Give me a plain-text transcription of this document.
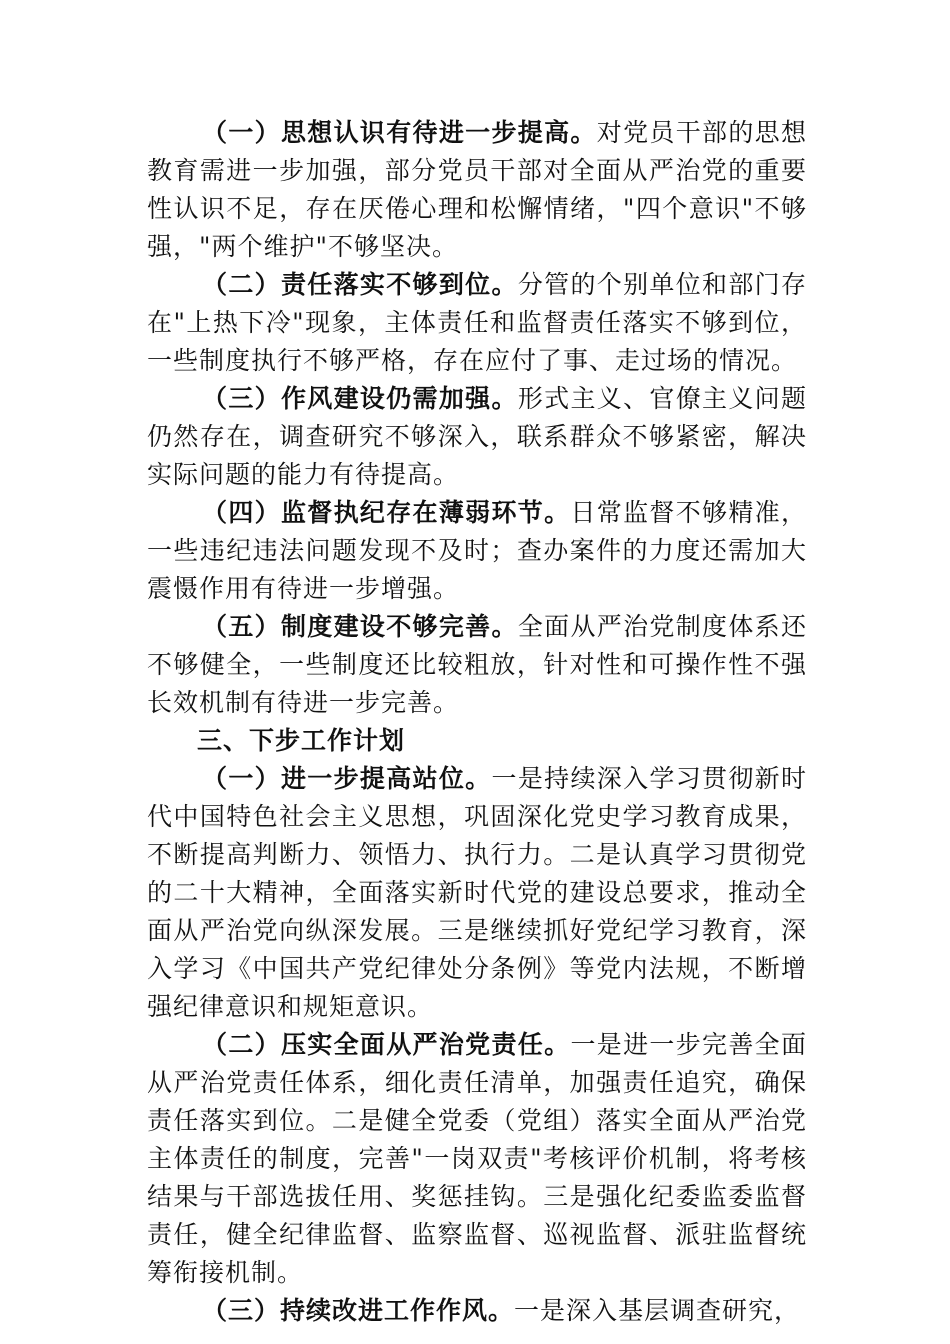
（一）思想认识有待进一步提高。对党员干部的思想教育需进一步加强，部分党员干部对全面从严治党的重要性认识不足，存在厌倦心理和松懈情绪，"四个意识"不够强，"两个维护"不够坚决。

（二）责任落实不够到位。分管的个别单位和部门存在"上热下冷"现象，主体责任和监督责任落实不够到位，一些制度执行不够严格，存在应付了事、走过场的情况。

（三）作风建设仍需加强。形式主义、官僚主义问题仍然存在，调查研究不够深入，联系群众不够紧密，解决实际问题的能力有待提高。

（四）监督执纪存在薄弱环节。日常监督不够精准，一些违纪违法问题发现不及时；查办案件的力度还需加大震慑作用有待进一步增强。

（五）制度建设不够完善。全面从严治党制度体系还不够健全，一些制度还比较粗放，针对性和可操作性不强长效机制有待进一步完善。

三、下步工作计划

（一）进一步提高站位。一是持续深入学习贯彻新时代中国特色社会主义思想，巩固深化党史学习教育成果，不断提高判断力、领悟力、执行力。二是认真学习贯彻党的二十大精神，全面落实新时代党的建设总要求，推动全面从严治党向纵深发展。三是继续抓好党纪学习教育，深入学习《中国共产党纪律处分条例》等党内法规，不断增强纪律意识和规矩意识。

（二）压实全面从严治党责任。一是进一步完善全面从严治党责任体系，细化责任清单，加强责任追究，确保责任落实到位。二是健全党委（党组）落实全面从严治党主体责任的制度，完善"一岗双责"考核评价机制，将考核结果与干部选拔任用、奖惩挂钩。三是强化纪委监委监督责任，健全纪律监督、监察监督、巡视监督、派驻监督统筹衔接机制。

（三）持续改进工作作风。一是深入基层调查研究，
